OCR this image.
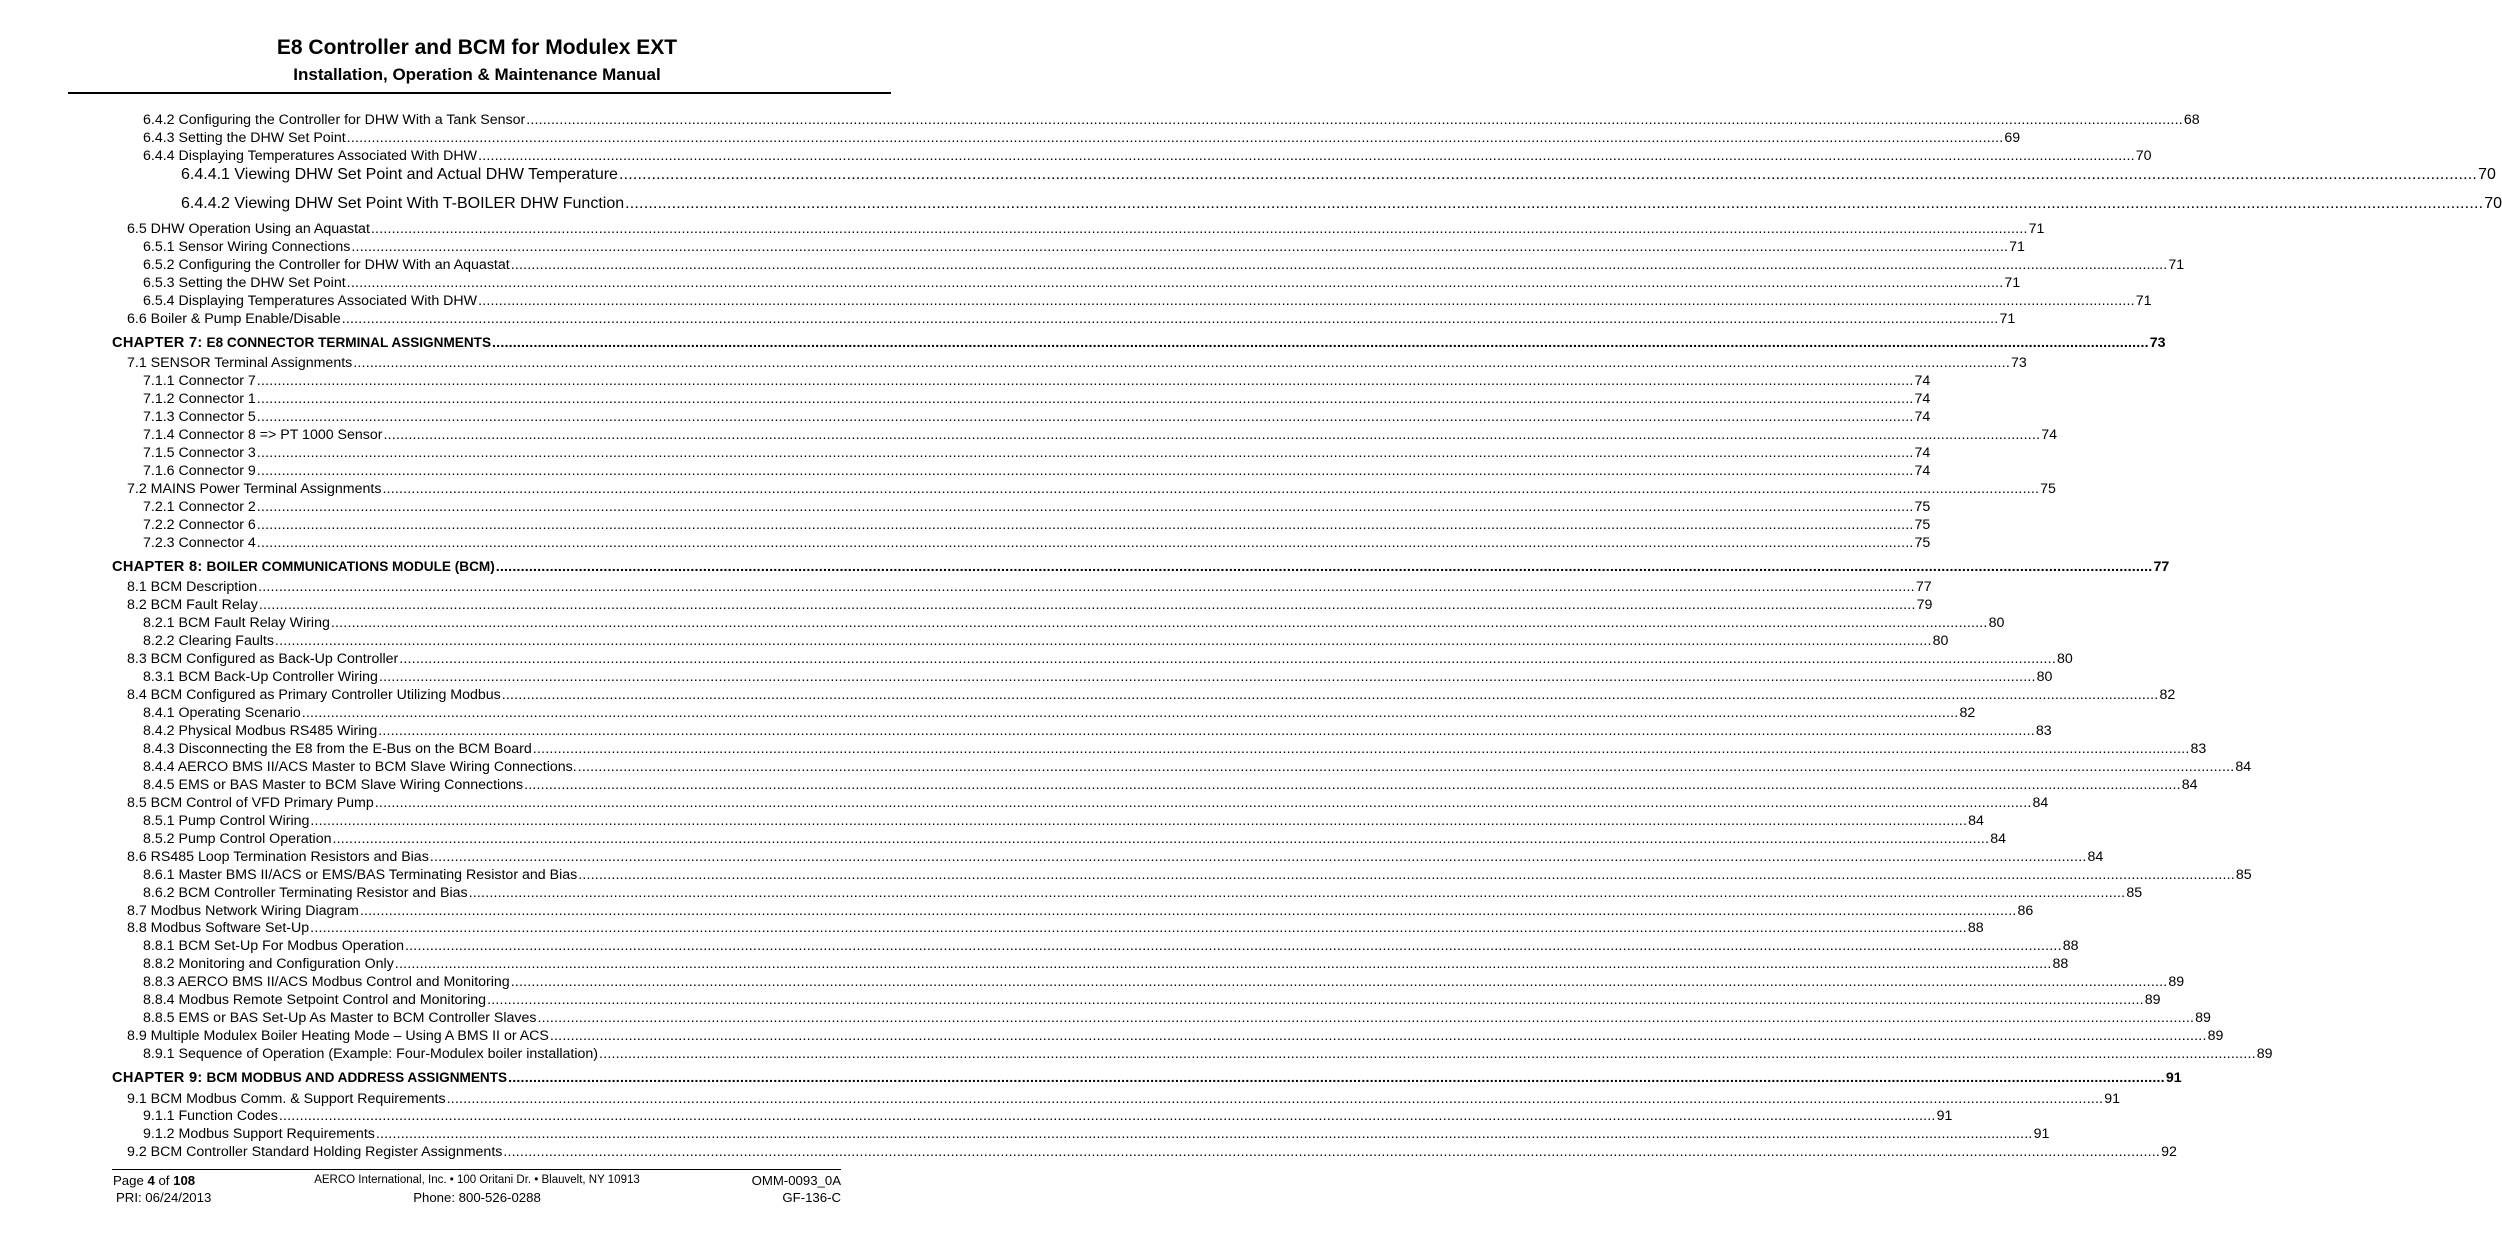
E8 Controller and BCM for Modulex EXT
Installation, Operation & Maintenance Manual
6.4.2 Configuring the Controller for DHW With a Tank Sensor ................................................................................................................................................................................................................................................................................................................................................................................................................ 68
6.4.3 Setting the DHW Set Point ................................................................................................................................................................................................................................................................................................................................................................................................................ 69
6.4.4 Displaying Temperatures Associated With DHW ................................................................................................................................................................................................................................................................................................................................................................................................................ 70
6.4.4.1 Viewing DHW Set Point and Actual DHW Temperature ................................................................................................................................................................................................................................................................................................................................................................................................................ 70
6.4.4.2 Viewing DHW Set Point With T-BOILER DHW Function ................................................................................................................................................................................................................................................................................................................................................................................................................ 70
6.5 DHW Operation Using an Aquastat ................................................................................................................................................................................................................................................................................................................................................................................................................ 71
6.5.1 Sensor Wiring Connections ................................................................................................................................................................................................................................................................................................................................................................................................................ 71
6.5.2 Configuring the Controller for DHW With an Aquastat ................................................................................................................................................................................................................................................................................................................................................................................................................ 71
6.5.3 Setting the DHW Set Point ................................................................................................................................................................................................................................................................................................................................................................................................................ 71
6.5.4 Displaying Temperatures Associated With DHW ................................................................................................................................................................................................................................................................................................................................................................................................................ 71
6.6 Boiler & Pump Enable/Disable ................................................................................................................................................................................................................................................................................................................................................................................................................ 71
CHAPTER 7: E8 CONNECTOR TERMINAL ASSIGNMENTS ................................................................................................................................................................................................................................................................................................................................................................................................................ 73
7.1 SENSOR Terminal Assignments ................................................................................................................................................................................................................................................................................................................................................................................................................ 73
7.1.1 Connector 7 ................................................................................................................................................................................................................................................................................................................................................................................................................ 74
7.1.2 Connector 1 ................................................................................................................................................................................................................................................................................................................................................................................................................ 74
7.1.3 Connector 5 ................................................................................................................................................................................................................................................................................................................................................................................................................ 74
7.1.4 Connector 8 => PT 1000 Sensor ................................................................................................................................................................................................................................................................................................................................................................................................................ 74
7.1.5 Connector 3 ................................................................................................................................................................................................................................................................................................................................................................................................................ 74
7.1.6 Connector 9 ................................................................................................................................................................................................................................................................................................................................................................................................................ 74
7.2 MAINS Power Terminal Assignments ................................................................................................................................................................................................................................................................................................................................................................................................................ 75
7.2.1 Connector 2 ................................................................................................................................................................................................................................................................................................................................................................................................................ 75
7.2.2 Connector 6 ................................................................................................................................................................................................................................................................................................................................................................................................................ 75
7.2.3 Connector 4 ................................................................................................................................................................................................................................................................................................................................................................................................................ 75
CHAPTER 8: BOILER COMMUNICATIONS MODULE (BCM) ................................................................................................................................................................................................................................................................................................................................................................................................................ 77
8.1 BCM Description ................................................................................................................................................................................................................................................................................................................................................................................................................ 77
8.2 BCM Fault Relay ................................................................................................................................................................................................................................................................................................................................................................................................................ 79
8.2.1 BCM Fault Relay Wiring ................................................................................................................................................................................................................................................................................................................................................................................................................ 80
8.2.2 Clearing Faults ................................................................................................................................................................................................................................................................................................................................................................................................................ 80
8.3 BCM Configured as Back-Up Controller ................................................................................................................................................................................................................................................................................................................................................................................................................ 80
8.3.1 BCM Back-Up Controller Wiring ................................................................................................................................................................................................................................................................................................................................................................................................................ 80
8.4 BCM Configured as Primary Controller Utilizing Modbus ................................................................................................................................................................................................................................................................................................................................................................................................................ 82
8.4.1 Operating Scenario ................................................................................................................................................................................................................................................................................................................................................................................................................ 82
8.4.2 Physical Modbus RS485 Wiring ................................................................................................................................................................................................................................................................................................................................................................................................................ 83
8.4.3 Disconnecting the E8 from the E-Bus on the BCM Board ................................................................................................................................................................................................................................................................................................................................................................................................................ 83
8.4.4 AERCO BMS II/ACS Master to BCM Slave Wiring Connections. ................................................................................................................................................................................................................................................................................................................................................................................................................ 84
8.4.5 EMS or BAS Master to BCM Slave Wiring Connections ................................................................................................................................................................................................................................................................................................................................................................................................................ 84
8.5 BCM Control of VFD Primary Pump ................................................................................................................................................................................................................................................................................................................................................................................................................ 84
8.5.1 Pump Control Wiring ................................................................................................................................................................................................................................................................................................................................................................................................................ 84
8.5.2 Pump Control Operation ................................................................................................................................................................................................................................................................................................................................................................................................................ 84
8.6 RS485 Loop Termination Resistors and Bias ................................................................................................................................................................................................................................................................................................................................................................................................................ 84
8.6.1 Master BMS II/ACS or EMS/BAS Terminating Resistor and Bias ................................................................................................................................................................................................................................................................................................................................................................................................................ 85
8.6.2 BCM Controller Terminating Resistor and Bias ................................................................................................................................................................................................................................................................................................................................................................................................................ 85
8.7 Modbus Network Wiring Diagram ................................................................................................................................................................................................................................................................................................................................................................................................................ 86
8.8 Modbus Software Set-Up ................................................................................................................................................................................................................................................................................................................................................................................................................ 88
8.8.1 BCM Set-Up For Modbus Operation ................................................................................................................................................................................................................................................................................................................................................................................................................ 88
8.8.2 Monitoring and Configuration Only ................................................................................................................................................................................................................................................................................................................................................................................................................ 88
8.8.3 AERCO BMS II/ACS Modbus Control and Monitoring ................................................................................................................................................................................................................................................................................................................................................................................................................ 89
8.8.4 Modbus Remote Setpoint Control and Monitoring ................................................................................................................................................................................................................................................................................................................................................................................................................ 89
8.8.5 EMS or BAS Set-Up As Master to BCM Controller Slaves ................................................................................................................................................................................................................................................................................................................................................................................................................ 89
8.9 Multiple Modulex Boiler Heating Mode – Using A BMS II or ACS ................................................................................................................................................................................................................................................................................................................................................................................................................ 89
8.9.1 Sequence of Operation (Example: Four-Modulex boiler installation) ................................................................................................................................................................................................................................................................................................................................................................................................................ 89
CHAPTER 9: BCM MODBUS AND ADDRESS ASSIGNMENTS ................................................................................................................................................................................................................................................................................................................................................................................................................ 91
9.1 BCM Modbus Comm. & Support Requirements ................................................................................................................................................................................................................................................................................................................................................................................................................ 91
9.1.1 Function Codes ................................................................................................................................................................................................................................................................................................................................................................................................................ 91
9.1.2 Modbus Support Requirements ................................................................................................................................................................................................................................................................................................................................................................................................................ 91
9.2 BCM Controller Standard Holding Register Assignments ................................................................................................................................................................................................................................................................................................................................................................................................................ 92
Page 4 of 108
PRI: 06/24/2013
AERCO International, Inc. • 100 Oritani Dr. • Blauvelt, NY 10913
Phone: 800-526-0288
OMM-0093_0A
GF-136-C
